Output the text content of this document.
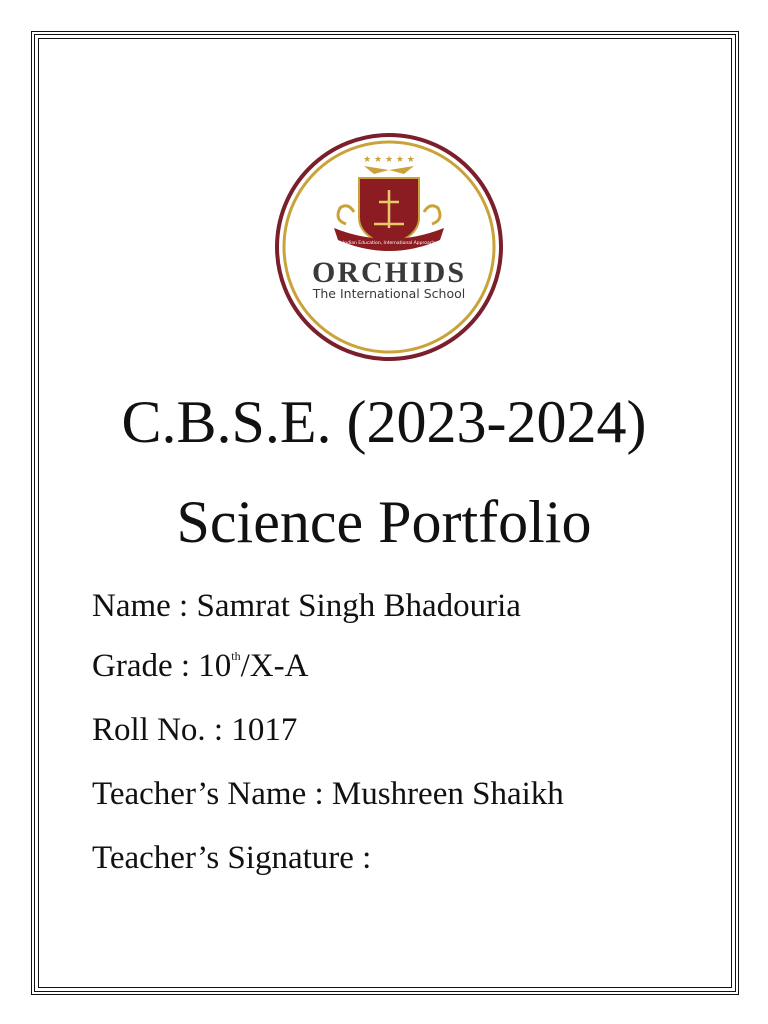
★ ★ ★ ★ ★
Indian Education, International Approach
ORCHIDS
The International School
C.B.S.E. (2023-2024)
Science Portfolio
Name : Samrat Singh Bhadouria
Grade : 10th/X-A
Roll No. : 1017
Teacher’s Name : Mushreen Shaikh
Teacher’s Signature :
